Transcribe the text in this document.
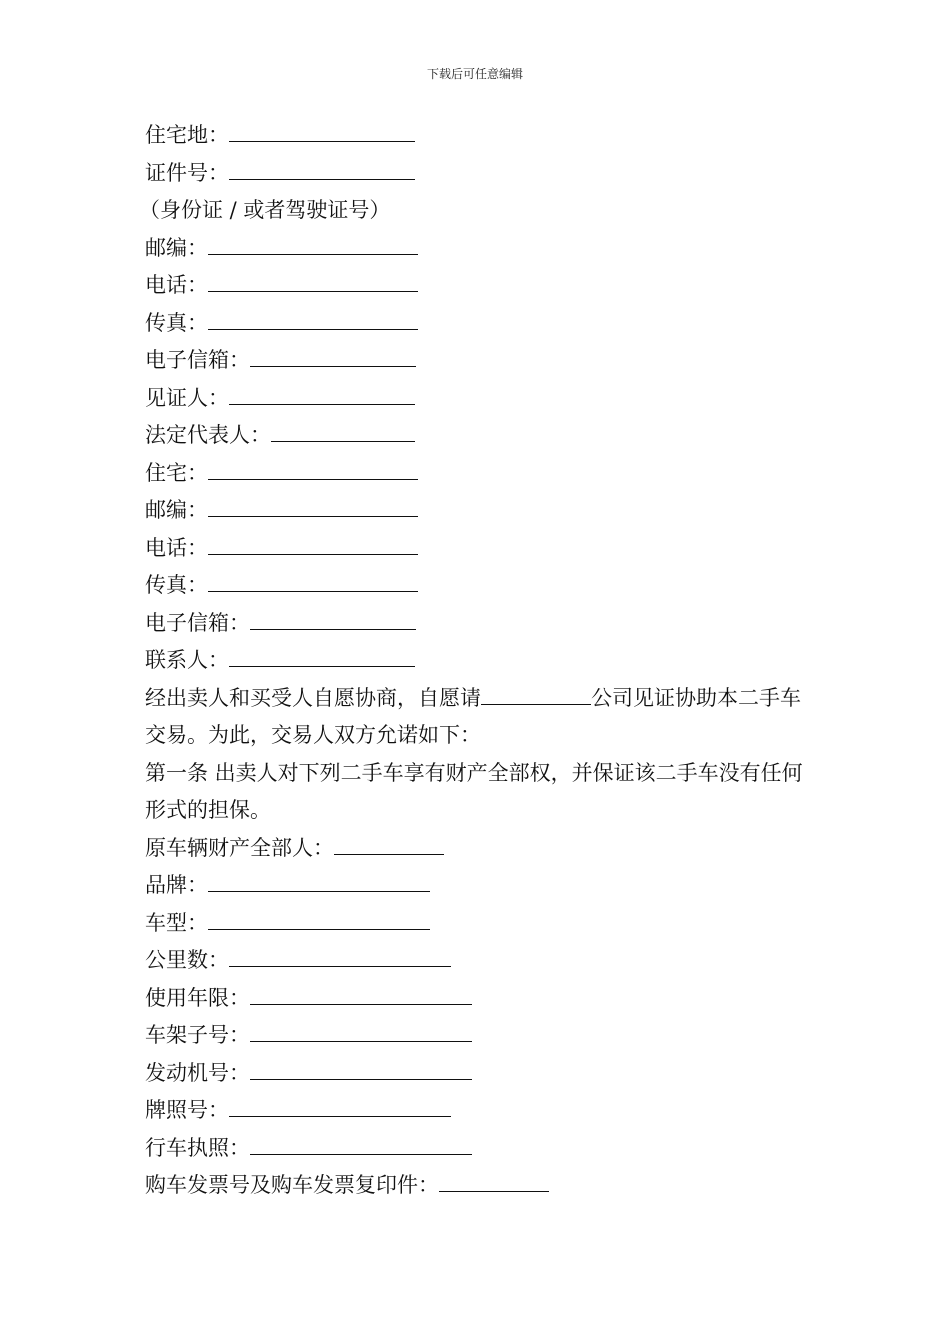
下载后可任意编辑
住宅地：
证件号：
（身份证 / 或者驾驶证号）
邮编：
电话：
传真：
电子信箱：
见证人：
法定代表人：
住宅：
邮编：
电话：
传真：
电子信箱：
联系人：
经出卖人和买受人自愿协商，自愿请	公司见证协助本二手车交易。为此，交易人双方允诺如下：
第一条 出卖人对下列二手车享有财产全部权，并保证该二手车没有任何形式的担保。
原车辆财产全部人：
品牌：
车型：
公里数：
使用年限：
车架子号：
发动机号：
牌照号：
行车执照：
购车发票号及购车发票复印件：
